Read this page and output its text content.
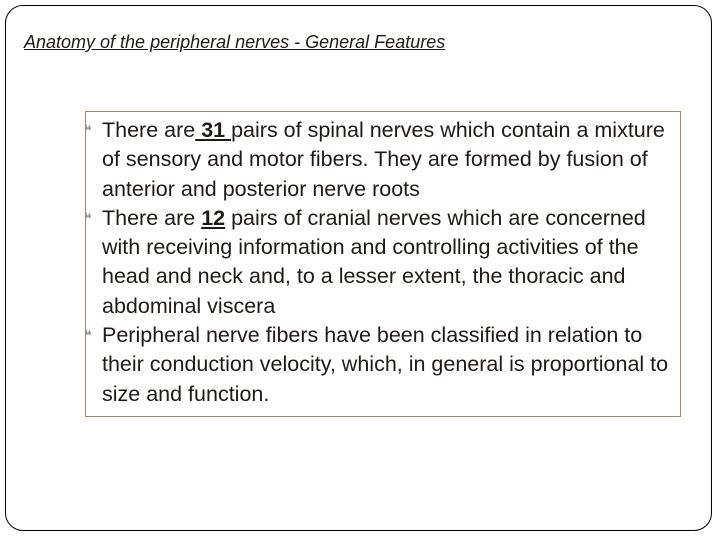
Anatomy of the peripheral nerves - General Features
❝ There are 31 pairs of spinal nerves which contain a mixture of sensory and motor fibers. They are formed by fusion of anterior and posterior nerve roots
❝ There are 12 pairs of cranial nerves which are concerned with receiving information and controlling activities of the head and neck and, to a lesser extent, the thoracic and abdominal viscera
❝ Peripheral nerve fibers have been classified in relation to their conduction velocity, which, in general is proportional to size and function.
